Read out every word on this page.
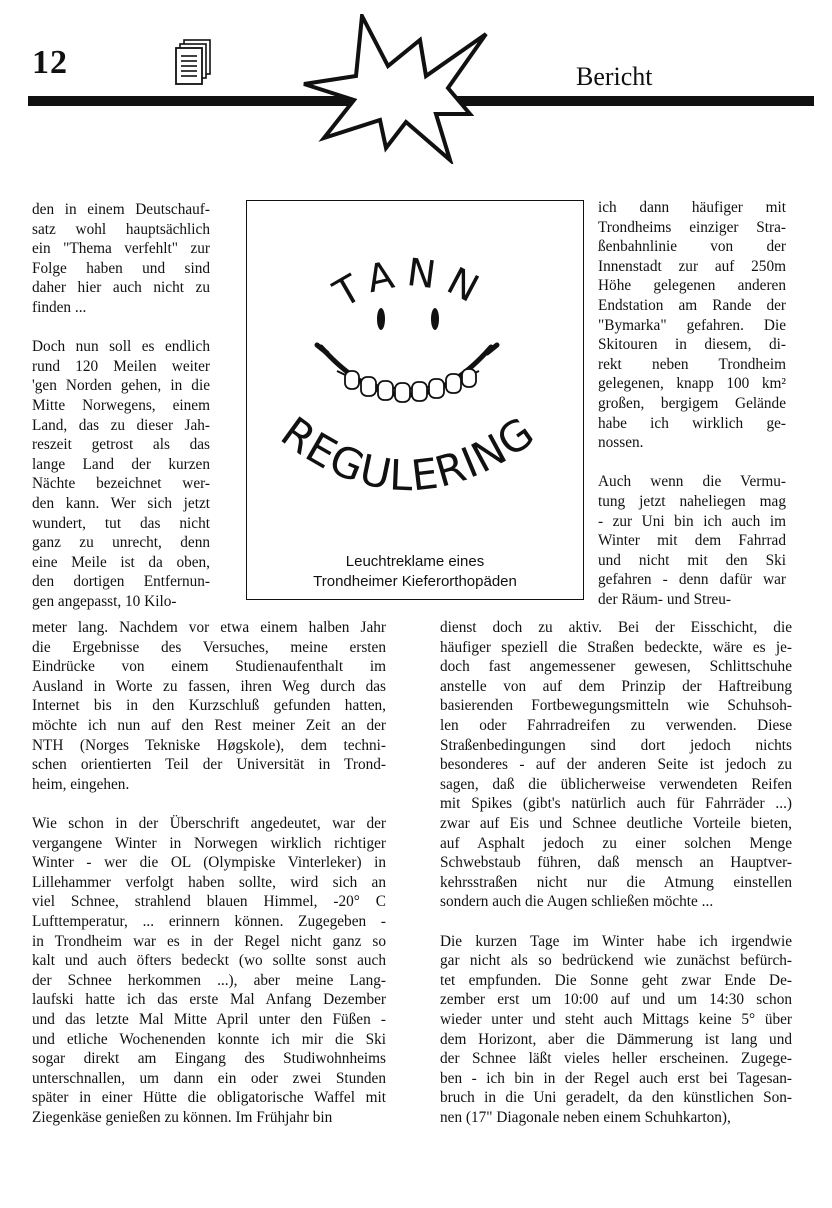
12	Bericht
TANN
REGULERING
Leuchtreklame eines
Trondheimer Kieferorthopäden
den in einem Deutschauf-
satz wohl hauptsächlich
ein "Thema verfehlt" zur
Folge haben und sind
daher hier auch nicht zu
finden ...
Doch nun soll es endlich
rund 120 Meilen weiter
'gen Norden gehen, in die
Mitte Norwegens, einem
Land, das zu dieser Jah-
reszeit getrost als das
lange Land der kurzen
Nächte bezeichnet wer-
den kann. Wer sich jetzt
wundert, tut das nicht
ganz zu unrecht, denn
eine Meile ist da oben,
den dortigen Entfernun-
gen angepasst, 10 Kilo-
meter lang. Nachdem vor etwa einem halben Jahr
die Ergebnisse des Versuches, meine ersten
Eindrücke von einem Studienaufenthalt im
Ausland in Worte zu fassen, ihren Weg durch das
Internet bis in den Kurzschluß gefunden hatten,
möchte ich nun auf den Rest meiner Zeit an der
NTH (Norges Tekniske Høgskole), dem techni-
schen orientierten Teil der Universität in Trond-
heim, eingehen.
Wie schon in der Überschrift angedeutet, war der
vergangene Winter in Norwegen wirklich richtiger
Winter - wer die OL (Olympiske Vinterleker) in
Lillehammer verfolgt haben sollte, wird sich an
viel Schnee, strahlend blauen Himmel, -20° C
Lufttemperatur, ... erinnern können. Zugegeben -
in Trondheim war es in der Regel nicht ganz so
kalt und auch öfters bedeckt (wo sollte sonst auch
der Schnee herkommen ...), aber meine Lang-
laufski hatte ich das erste Mal Anfang Dezember
und das letzte Mal Mitte April unter den Füßen -
und etliche Wochenenden konnte ich mir die Ski
sogar direkt am Eingang des Studiwohnheims
unterschnallen, um dann ein oder zwei Stunden
später in einer Hütte die obligatorische Waffel mit
Ziegenkäse genießen zu können. Im Frühjahr bin
ich dann häufiger mit
Trondheims einziger Stra-
ßenbahnlinie von der
Innenstadt zur auf 250m
Höhe gelegenen anderen
Endstation am Rande der
"Bymarka" gefahren. Die
Skitouren in diesem, di-
rekt neben Trondheim
gelegenen, knapp 100 km²
großen, bergigem Gelände
habe ich wirklich ge-
nossen.
Auch wenn die Vermu-
tung jetzt naheliegen mag
- zur Uni bin ich auch im
Winter mit dem Fahrrad
und nicht mit den Ski
gefahren - denn dafür war
der Räum- und Streu-
dienst doch zu aktiv. Bei der Eisschicht, die
häufiger speziell die Straßen bedeckte, wäre es je-
doch fast angemessener gewesen, Schlittschuhe
anstelle von auf dem Prinzip der Haftreibung
basierenden Fortbewegungsmitteln wie Schuhsoh-
len oder Fahrradreifen zu verwenden. Diese
Straßenbedingungen sind dort jedoch nichts
besonderes - auf der anderen Seite ist jedoch zu
sagen, daß die üblicherweise verwendeten Reifen
mit Spikes (gibt's natürlich auch für Fahrräder ...)
zwar auf Eis und Schnee deutliche Vorteile bieten,
auf Asphalt jedoch zu einer solchen Menge
Schwebstaub führen, daß mensch an Hauptver-
kehrsstraßen nicht nur die Atmung einstellen
sondern auch die Augen schließen möchte ...
Die kurzen Tage im Winter habe ich irgendwie
gar nicht als so bedrückend wie zunächst befürch-
tet empfunden. Die Sonne geht zwar Ende De-
zember erst um 10:00 auf und um 14:30 schon
wieder unter und steht auch Mittags keine 5° über
dem Horizont, aber die Dämmerung ist lang und
der Schnee läßt vieles heller erscheinen. Zugege-
ben - ich bin in der Regel auch erst bei Tagesan-
bruch in die Uni geradelt, da den künstlichen Son-
nen (17" Diagonale neben einem Schuhkarton),
